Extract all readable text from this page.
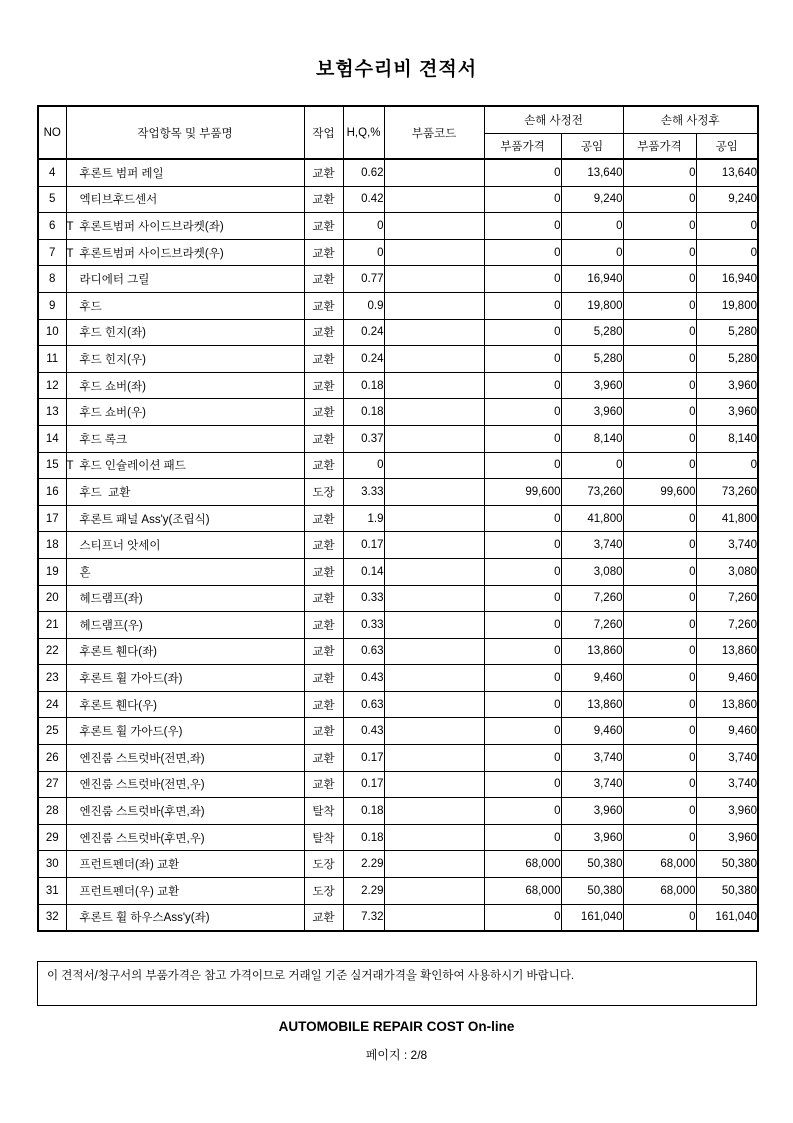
보험수리비 견적서
NO	작업항목 및 부품명	작업	H,Q,%	부품코드	손해 사정전		손해 사정후	
					부품가격	공임	부품가격	공임
4	후론트 범퍼 레일	교환	0.62		0	13,640	0	13,640
5	엑티브후드센서	교환	0.42		0	9,240	0	9,240
6	T 후론트범퍼 사이드브라켓(좌)	교환	0		0	0	0	0
7	T 후론트범퍼 사이드브라켓(우)	교환	0		0	0	0	0
8	라디에터 그릴	교환	0.77		0	16,940	0	16,940
9	후드	교환	0.9		0	19,800	0	19,800
10	후드 힌지(좌)	교환	0.24		0	5,280	0	5,280
11	후드 힌지(우)	교환	0.24		0	5,280	0	5,280
12	후드 쇼버(좌)	교환	0.18		0	3,960	0	3,960
13	후드 쇼버(우)	교환	0.18		0	3,960	0	3,960
14	후드 록크	교환	0.37		0	8,140	0	8,140
15	T 후드 인슐레이션 패드	교환	0		0	0	0	0
16	후드  교환	도장	3.33		99,600	73,260	99,600	73,260
17	후론트 패널 Ass'y(조립식)	교환	1.9		0	41,800	0	41,800
18	스티프너 앗세이	교환	0.17		0	3,740	0	3,740
19	혼	교환	0.14		0	3,080	0	3,080
20	헤드램프(좌)	교환	0.33		0	7,260	0	7,260
21	헤드램프(우)	교환	0.33		0	7,260	0	7,260
22	후론트 휀다(좌)	교환	0.63		0	13,860	0	13,860
23	후론트 휠 가아드(좌)	교환	0.43		0	9,460	0	9,460
24	후론트 휀다(우)	교환	0.63		0	13,860	0	13,860
25	후론트 휠 가아드(우)	교환	0.43		0	9,460	0	9,460
26	엔진룸 스트럿바(전면,좌)	교환	0.17		0	3,740	0	3,740
27	엔진룸 스트럿바(전면,우)	교환	0.17		0	3,740	0	3,740
28	엔진룸 스트럿바(후면,좌)	탈착	0.18		0	3,960	0	3,960
29	엔진룸 스트럿바(후면,우)	탈착	0.18		0	3,960	0	3,960
30	프런트펜더(좌) 교환	도장	2.29		68,000	50,380	68,000	50,380
31	프런트펜더(우) 교환	도장	2.29		68,000	50,380	68,000	50,380
32	후론트 휠 하우스Ass'y(좌)	교환	7.32		0	161,040	0	161,040
이 견적서/청구서의 부품가격은 참고 가격이므로 거래일 기준 실거래가격을 확인하여 사용하시기 바랍니다.
AUTOMOBILE REPAIR COST On-line
페이지 : 2/8
